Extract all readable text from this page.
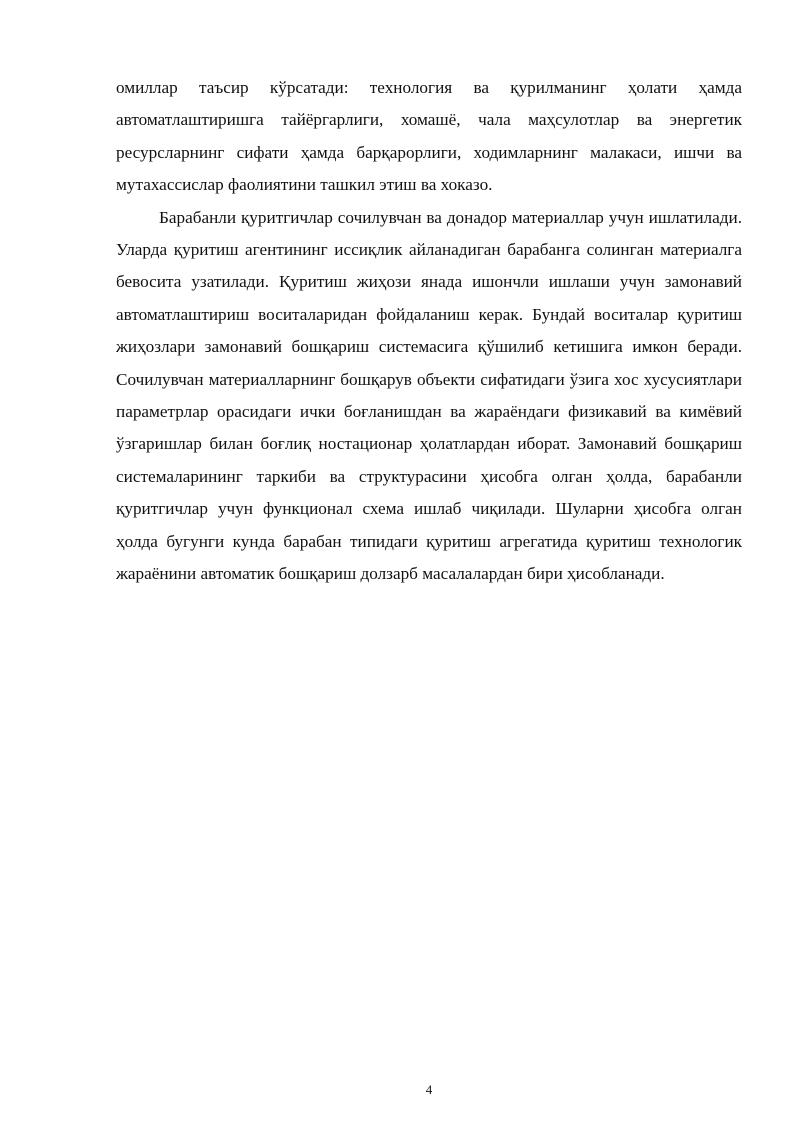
омиллар таъсир кўрсатади: технология ва қурилманинг ҳолати ҳамда автоматлаштиришга тайёргарлиги, хомашё, чала маҳсулотлар ва энергетик ресурсларнинг сифати ҳамда барқарорлиги, ходимларнинг малакаси, ишчи ва мутахассислар фаолиятини ташкил этиш ва хоказо.

Барабанли қуритгичлар сочилувчан ва донадор материаллар учун ишлатилади. Уларда қуритиш агентининг иссиқлик айланадиган барабанга солинган материалга бевосита узатилади. Қуритиш жиҳози янада ишончли ишлаши учун замонавий автоматлаштириш воситаларидан фойдаланиш керак. Бундай воситалар қуритиш жиҳозлари замонавий бошқариш системасига қўшилиб кетишига имкон беради. Сочилувчан материалларнинг бошқарув объекти сифатидаги ўзига хос хусусиятлари параметрлар орасидаги ички боғланишдан ва жараёндаги физикавий ва кимёвий ўзгаришлар билан боғлиқ ностационар ҳолатлардан иборат. Замонавий бошқариш системаларининг таркиби ва структурасини ҳисобга олган ҳолда, барабанли қуритгичлар учун функционал схема ишлаб чиқилади. Шуларни ҳисобга олган ҳолда бугунги кунда барабан типидаги қуритиш агрегатида қуритиш технологик жараёнини автоматик бошқариш долзарб масалалардан бири ҳисобланади.

4
